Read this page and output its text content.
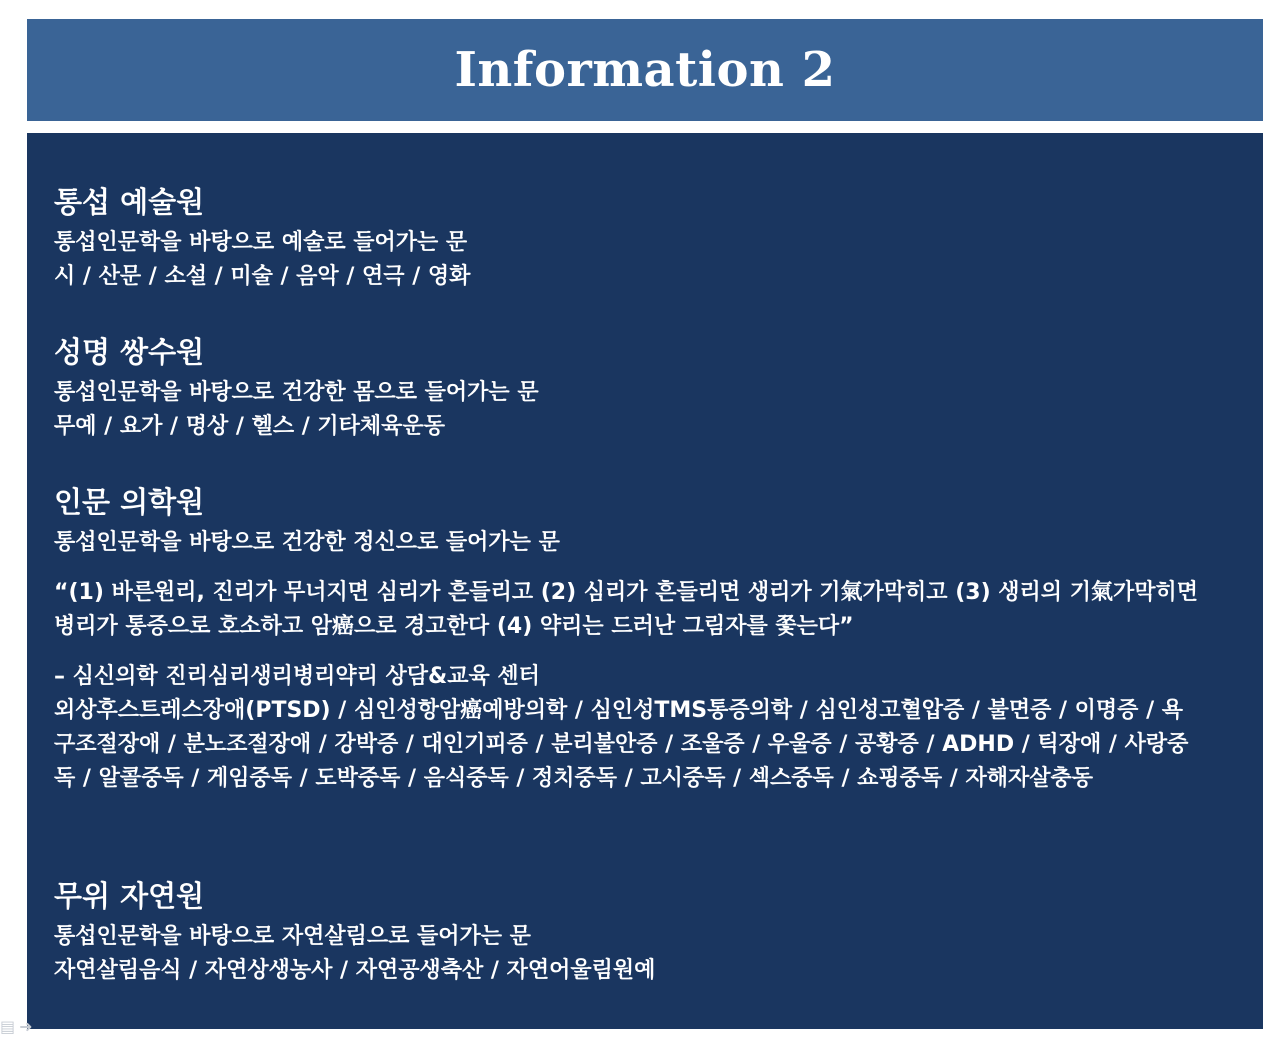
Information 2
통섭 예술원
통섭인문학을 바탕으로 예술로 들어가는 문
시 / 산문 / 소설 / 미술 / 음악 / 연극 / 영화
성명 쌍수원
통섭인문학을 바탕으로 건강한 몸으로 들어가는 문
무예 / 요가 / 명상 / 헬스 / 기타체육운동
인문 의학원
통섭인문학을 바탕으로 건강한 정신으로 들어가는 문
“(1) 바른원리, 진리가 무너지면 심리가 흔들리고 (2) 심리가 흔들리면 생리가 기氣가막히고 (3) 생리의 기氣가막히면 병리가 통증으로 호소하고 암癌으로 경고한다 (4) 약리는 드러난 그림자를 쫓는다”
– 심신의학 진리심리생리병리약리 상담&교육 센터
외상후스트레스장애(PTSD) / 심인성항암癌예방의학 / 심인성TMS통증의학 / 심인성고혈압증 / 불면증 / 이명증 / 욕구조절장애 / 분노조절장애 / 강박증 / 대인기피증 / 분리불안증 / 조울증 / 우울증 / 공황증 / ADHD / 틱장애 / 사랑중독 / 알콜중독 / 게임중독 / 도박중독 / 음식중독 / 정치중독 / 고시중독 / 섹스중독 / 쇼핑중독 / 자해자살충동
무위 자연원
통섭인문학을 바탕으로 자연살림으로 들어가는 문
자연살림음식 / 자연상생농사 / 자연공생축산 / 자연어울림원예
▤ ➜
